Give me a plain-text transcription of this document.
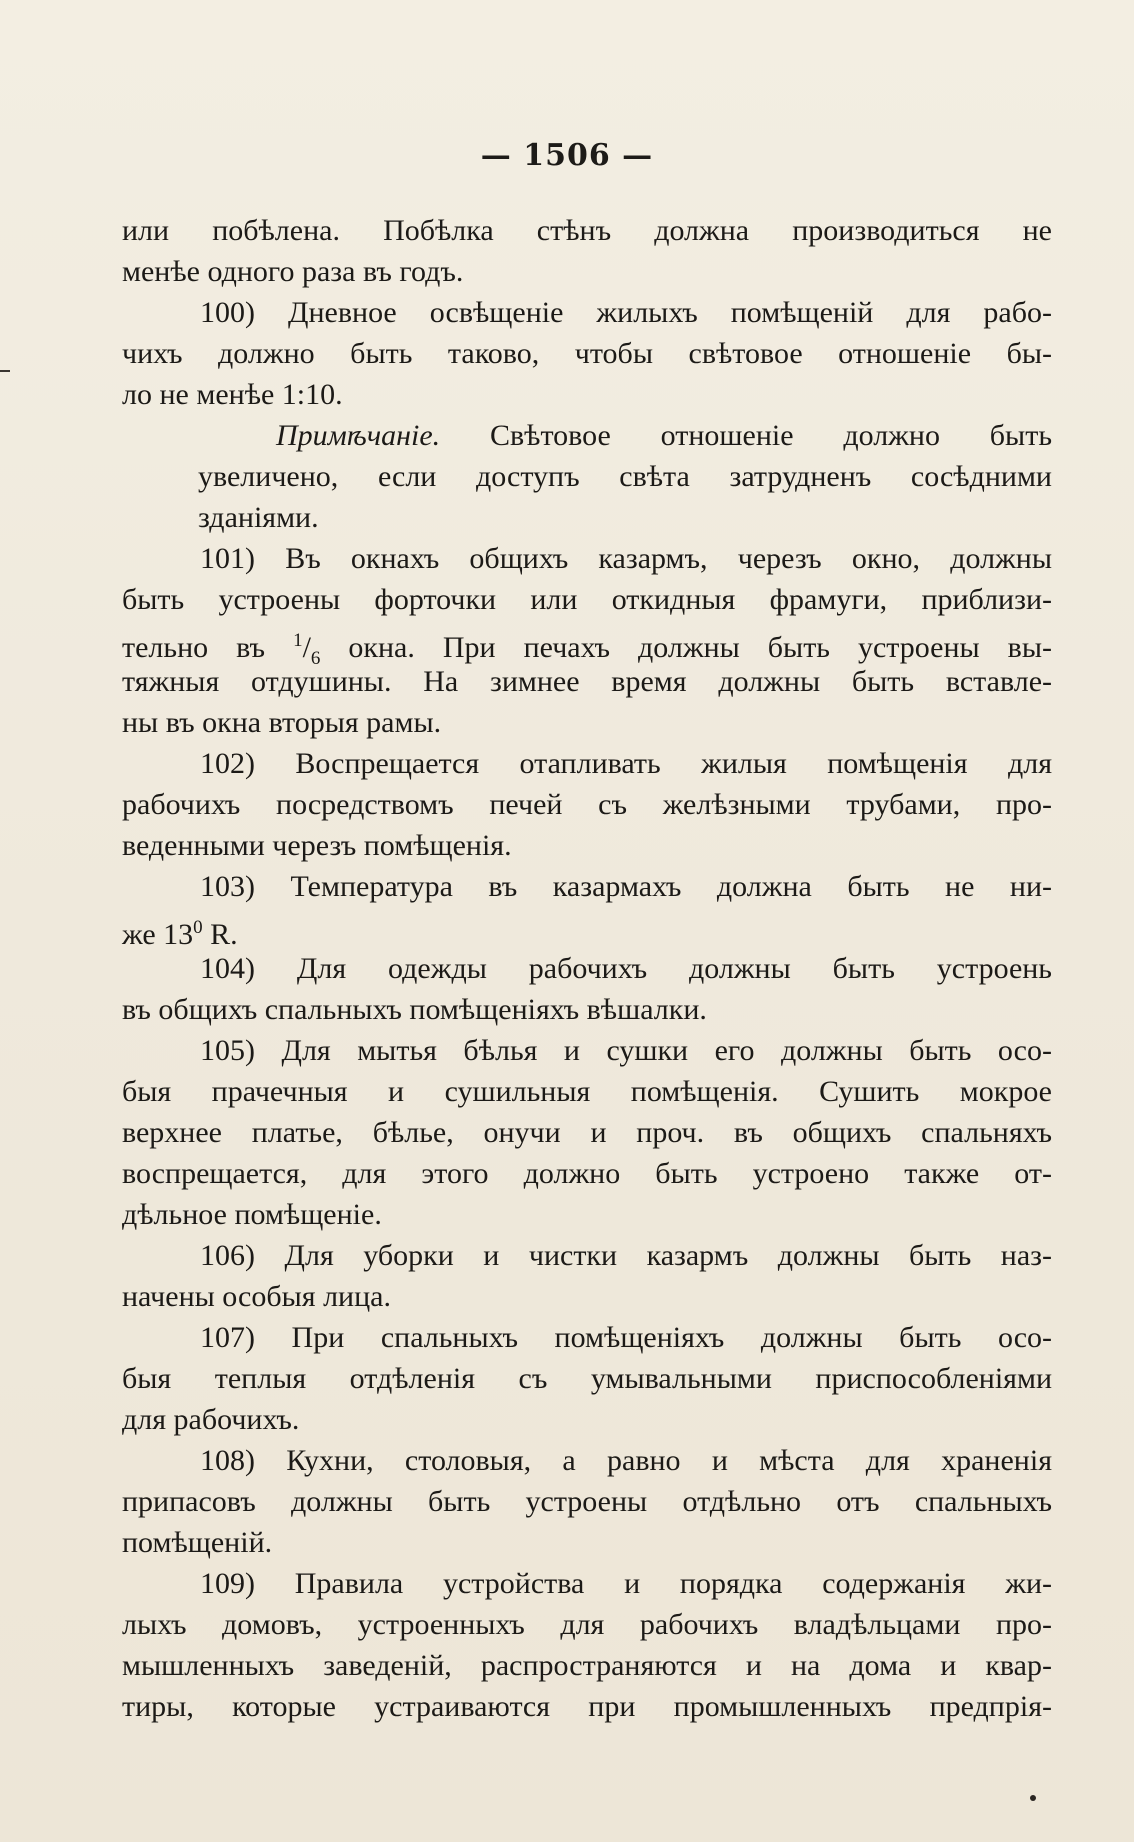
— 1506 —
или побѣлена. Побѣлка стѣнъ должна производиться не
менѣе одного раза въ годъ.
100) Дневное освѣщеніе жилыхъ помѣщеній для рабо-
чихъ должно быть таково, чтобы свѣтовое отношеніе бы-
ло не менѣе 1:10.
Примѣчаніе. Свѣтовое отношеніе должно быть
увеличено, если доступъ свѣта затрудненъ сосѣдними
зданіями.
101) Въ окнахъ общихъ казармъ, черезъ окно, должны
быть устроены форточки или откидныя фрамуги, приблизи-
тельно въ $^1/_6$ окна. При печахъ должны быть устроены вы-
тяжныя отдушины. На зимнее время должны быть вставле-
ны въ окна вторыя рамы.
102) Воспрещается отапливать жилыя помѣщенія для
рабочихъ посредствомъ печей съ желѣзными трубами, про-
веденными черезъ помѣщенія.
103) Температура въ казармахъ должна быть не ни-
же $13^0$ R.
104) Для одежды рабочихъ должны быть устроень
въ общихъ спальныхъ помѣщеніяхъ вѣшалки.
105) Для мытья бѣлья и сушки его должны быть осо-
быя прачечныя и сушильныя помѣщенія. Сушить мокрое
верхнее платье, бѣлье, онучи и проч. въ общихъ спальняхъ
воспрещается, для этого должно быть устроено также от-
дѣльное помѣщеніе.
106) Для уборки и чистки казармъ должны быть наз-
начены особыя лица.
107) При спальныхъ помѣщеніяхъ должны быть осо-
быя теплыя отдѣленія съ умывальными приспособленіями
для рабочихъ.
108) Кухни, столовыя, а равно и мѣста для храненія
припасовъ должны быть устроены отдѣльно отъ спальныхъ
помѣщеній.
109) Правила устройства и порядка содержанія жи-
лыхъ домовъ, устроенныхъ для рабочихъ владѣльцами про-
мышленныхъ заведеній, распространяются и на дома и квар-
тиры, которые устраиваются при промышленныхъ предпрія-
